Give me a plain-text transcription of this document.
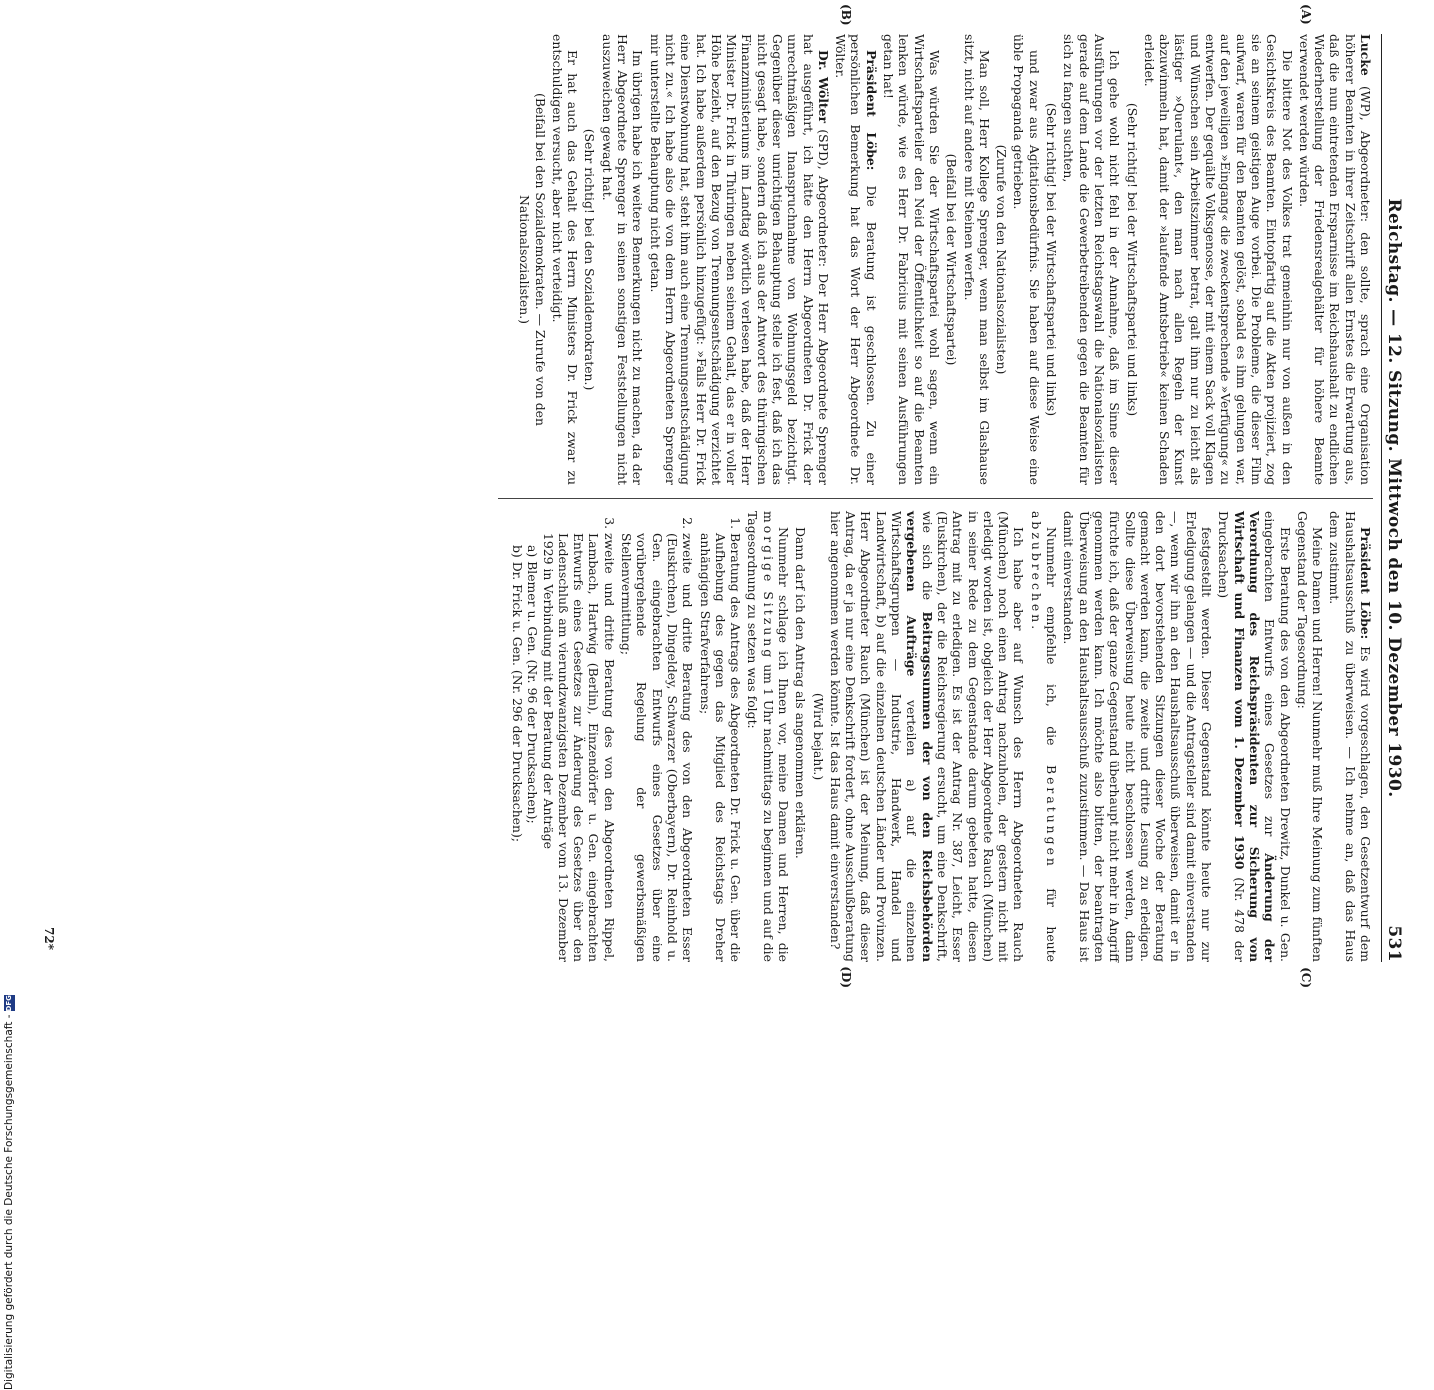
Reichstag. — 12. Sitzung. Mittwoch den 10. Dezember 1930.
531
(A)
(B)

Lucke (WP), Abgeordneter: den sollte, sprach eine Organisation höherer Beamten in ihrer Zeitschrift allen Ernstes die Erwartung aus, daß die nun eintretenden Ersparnisse im Reichshaushalt zu endlichen Wiederherstellung der Friedensrealgehälter für höhere Beamte verwendet werden würden.

Die bittere Not des Volkes trat gemeinhin nur von außen in den Gesichtskreis des Beamten. Eintopfartig auf die Akten projiziert, zog sie an seinem geistigen Auge vorbei. Die Probleme, die dieser Film aufwarf, waren für den Beamten gelöst, sobald es ihm gelungen war, auf den jeweiligen »Eingang« die zweckentsprechende »Verfügung« zu entwerfen. Der gequälte Volksgenosse, der mit einem Sack voll Klagen und Wünschen sein Arbeitszimmer betrat, galt ihm nur zu leicht als lästiger »Querulant«, den man nach allen Regeln der Kunst abzuwimmeln hat, damit der »laufende Amtsbetrieb« keinen Schaden erleidet.

(Sehr richtig! bei der Wirtschaftspartei und links)

Ich gehe wohl nicht fehl in der Annahme, daß im Sinne dieser Ausführungen vor der letzten Reichstagswahl die Nationalsozialisten gerade auf dem Lande die Gewerbetreibenden gegen die Beamten für sich zu fangen suchten,

(Sehr richtig! bei der Wirtschaftspartei und links)

und zwar aus Agitationsbedürfnis. Sie haben auf diese Weise eine üble Propaganda getrieben.

(Zurufe von den Nationalsozialisten)

Man soll, Herr Kollege Sprenger, wenn man selbst im Glashause sitzt, nicht auf andere mit Steinen werfen.

(Beifall bei der Wirtschaftspartei)

Was würden Sie der Wirtschaftspartei wohl sagen, wenn ein Wirtschaftsparteiler den Neid der Öffentlichkeit so auf die Beamten lenken würde, wie es Herr Dr. Fabricius mit seinen Ausführungen getan hat!

Präsident Löbe: Die Beratung ist geschlossen. Zu einer persönlichen Bemerkung hat das Wort der Herr Abgeordnete Dr. Wölter.

Dr. Wölter (SPD), Abgeordneter: Der Herr Abgeordnete Sprenger hat ausgeführt, ich hätte den Herrn Abgeordneten Dr. Frick der unrechtmäßigen Inanspruchnahme von Wohnungsgeld bezichtigt. Gegenüber dieser unrichtigen Behauptung stelle ich fest, daß ich das nicht gesagt habe, sondern daß ich aus der Antwort des thüringischen Finanzministeriums im Landtag wörtlich verlesen habe, daß der Herr Minister Dr. Frick in Thüringen neben seinem Gehalt, das er in voller Höhe bezieht, auf den Bezug von Trennungsentschädigung verzichtet hat. Ich habe außerdem persönlich hinzugefügt: »Falls Herr Dr. Frick eine Dienstwohnung hat, steht ihm auch eine Trennungsentschädigung nicht zu.« Ich habe also die von dem Herrn Abgeordneten Sprenger mir unterstellte Behauptung nicht getan.

Im übrigen habe ich weitere Bemerkungen nicht zu machen, da der Herr Abgeordnete Sprenger in seinen sonstigen Feststellungen nicht auszuweichen gewagt hat.

(Sehr richtig! bei den Sozialdemokraten.)

Er hat auch das Gehalt des Herrn Ministers Dr. Frick zwar zu entschuldigen versucht, aber nicht verteidigt.

(Beifall bei den Sozialdemokraten. — Zurufe von den Nationalsozialisten.)

(C)
(D)

Präsident Löbe: Es wird vorgeschlagen, den Gesetzentwurf dem Haushaltsausschuß zu überweisen. — Ich nehme an, daß das Haus dem zustimmt.

Meine Damen und Herren! Nunmehr muß Ihre Meinung zum fünften Gegenstand der Tagesordnung:

Erste Beratung des von den Abgeordneten Drewitz, Dunkel u. Gen. eingebrachten Entwurfs eines Gesetzes zur Änderung der Verordnung des Reichspräsidenten zur Sicherung von Wirtschaft und Finanzen vom 1. Dezember 1930 (Nr. 478 der Drucksachen)

festgestellt werden. Dieser Gegenstand könnte heute nur zur Erledigung gelangen — und die Antragsteller sind damit einverstanden —, wenn wir ihn an den Haushaltsausschuß überweisen, damit er in den dort bevorstehenden Sitzungen dieser Woche der Beratung gemacht werden kann, die zweite und dritte Lesung zu erledigen. Sollte diese Überweisung heute nicht beschlossen werden, dann fürchte ich, daß der ganze Gegenstand überhaupt nicht mehr in Angriff genommen werden kann. Ich möchte also bitten, der beantragten Überweisung an den Haushaltsausschuß zuzustimmen. — Das Haus ist damit einverstanden.

Nunmehr empfehle ich, die Beratungen für heute abzubrechen.

Ich habe aber auf Wunsch des Herrn Abgeordneten Rauch (München) noch einen Antrag nachzuholen, der gestern nicht mit erledigt worden ist, obgleich der Herr Abgeordnete Rauch (München) in seiner Rede zu dem Gegenstande darum gebeten hatte, diesen Antrag mit zu erledigen. Es ist der Antrag Nr. 387, Leicht, Esser (Euskirchen), der die Reichsregierung ersucht, um eine Denkschrift, wie sich die Beitragssummen der von den Reichsbehörden vergebenen Aufträge verteilen a) auf die einzelnen Wirtschaftsgruppen — Industrie, Handwerk, Handel und Landwirtschaft, b) auf die einzelnen deutschen Länder und Provinzen. Herr Abgeordneter Rauch (München) ist der Meinung, daß dieser Antrag, da er ja nur eine Denkschrift fordert, ohne Ausschußberatung hier angenommen werden könnte. Ist das Haus damit einverstanden?

(Wird bejaht.)

Dann darf ich den Antrag als angenommen erklären.

Nunmehr schlage ich Ihnen vor, meine Damen und Herren, die morgige Sitzung um 1 Uhr nachmittags zu beginnen und auf die Tagesordnung zu setzen was folgt:

1. Beratung des Antrags des Abgeordneten Dr. Frick u. Gen. über die Aufhebung des gegen das Mitglied des Reichstags Dreher anhängigen Strafverfahrens;
2. zweite und dritte Beratung des von den Abgeordneten Esser (Euskirchen), Dingeldey, Schwarzer (Oberbayern), Dr. Reinhold u. Gen. eingebrachten Entwurfs eines Gesetzes über eine vorübergehende Regelung der gewerbsmäßigen Stellenvermittlung;
3. zweite und dritte Beratung des von den Abgeordneten Rippel, Lambach, Hartwig (Berlin), Einzendörfer u. Gen. eingebrachten Entwurfs eines Gesetzes zur Änderung des Gesetzes über den Ladenschluß am vierundzwanzigsten Dezember vom 13. Dezember 1929 in Verbindung mit der Beratung der Anträge
a) Blemer u. Gen. (Nr. 96 der Drucksachen);
b) Dr. Frick u. Gen. (Nr. 296 der Drucksachen);
72*
Digitalisierung gefördert durch die Deutsche Forschungsgemeinschaft -
DFG
